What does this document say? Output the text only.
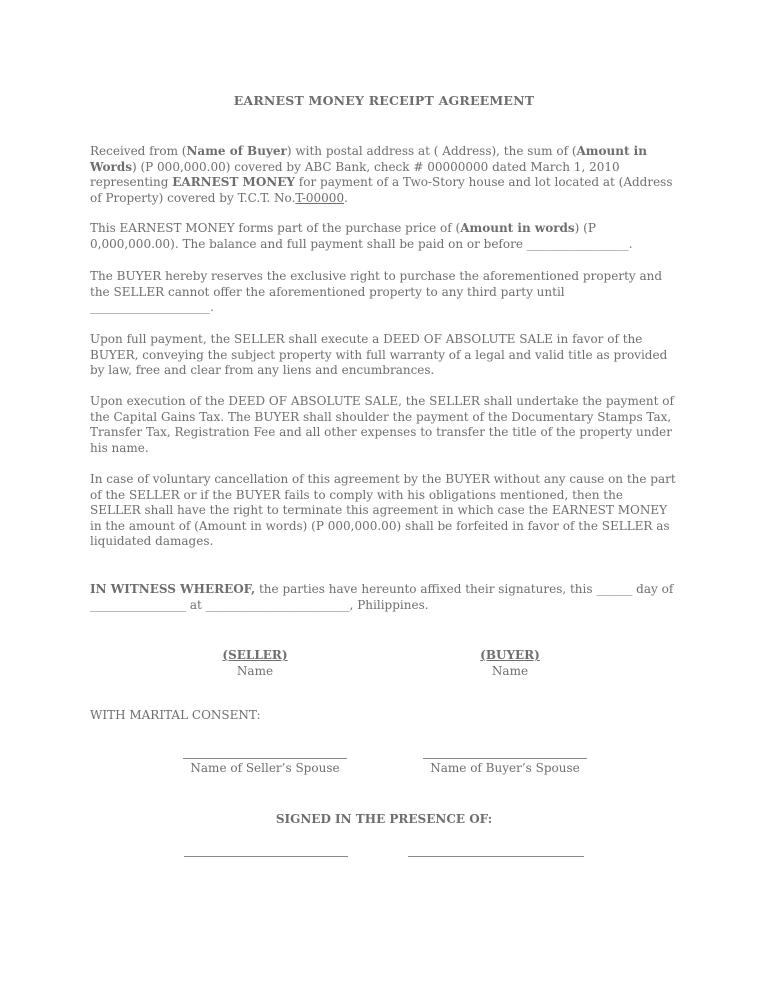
EARNEST MONEY RECEIPT AGREEMENT

Received from (Name of Buyer) with postal address at ( Address), the sum of (Amount in Words) (P 000,000.00) covered by ABC Bank, check # 00000000 dated March 1, 2010 representing EARNEST MONEY for payment of a Two-Story house and lot located at (Address of Property) covered by T.C.T. No.T-00000.

This EARNEST MONEY forms part of the purchase price of (Amount in words) (P 0,000,000.00). The balance and full payment shall be paid on or before _________________.

The BUYER hereby reserves the exclusive right to purchase the aforementioned property and the SELLER cannot offer the aforementioned property to any third party until ____________________.

Upon full payment, the SELLER shall execute a DEED OF ABSOLUTE SALE in favor of the BUYER, conveying the subject property with full warranty of a legal and valid title as provided by law, free and clear from any liens and encumbrances.

Upon execution of the DEED OF ABSOLUTE SALE, the SELLER shall undertake the payment of the Capital Gains Tax. The BUYER shall shoulder the payment of the Documentary Stamps Tax, Transfer Tax, Registration Fee and all other expenses to transfer the title of the property under his name.

In case of voluntary cancellation of this agreement by the BUYER without any cause on the part of the SELLER or if the BUYER fails to comply with his obligations mentioned, then the SELLER shall have the right to terminate this agreement in which case the EARNEST MONEY in the amount of (Amount in words) (P 000,000.00) shall be forfeited in favor of the SELLER as liquidated damages.

IN WITNESS WHEREOF, the parties have hereunto affixed their signatures, this ______ day of ________________ at ________________________, Philippines.

(SELLER)
Name
(BUYER)
Name
WITH MARITAL CONSENT:
Name of Seller’s Spouse	Name of Buyer’s Spouse
SIGNED IN THE PRESENCE OF:
